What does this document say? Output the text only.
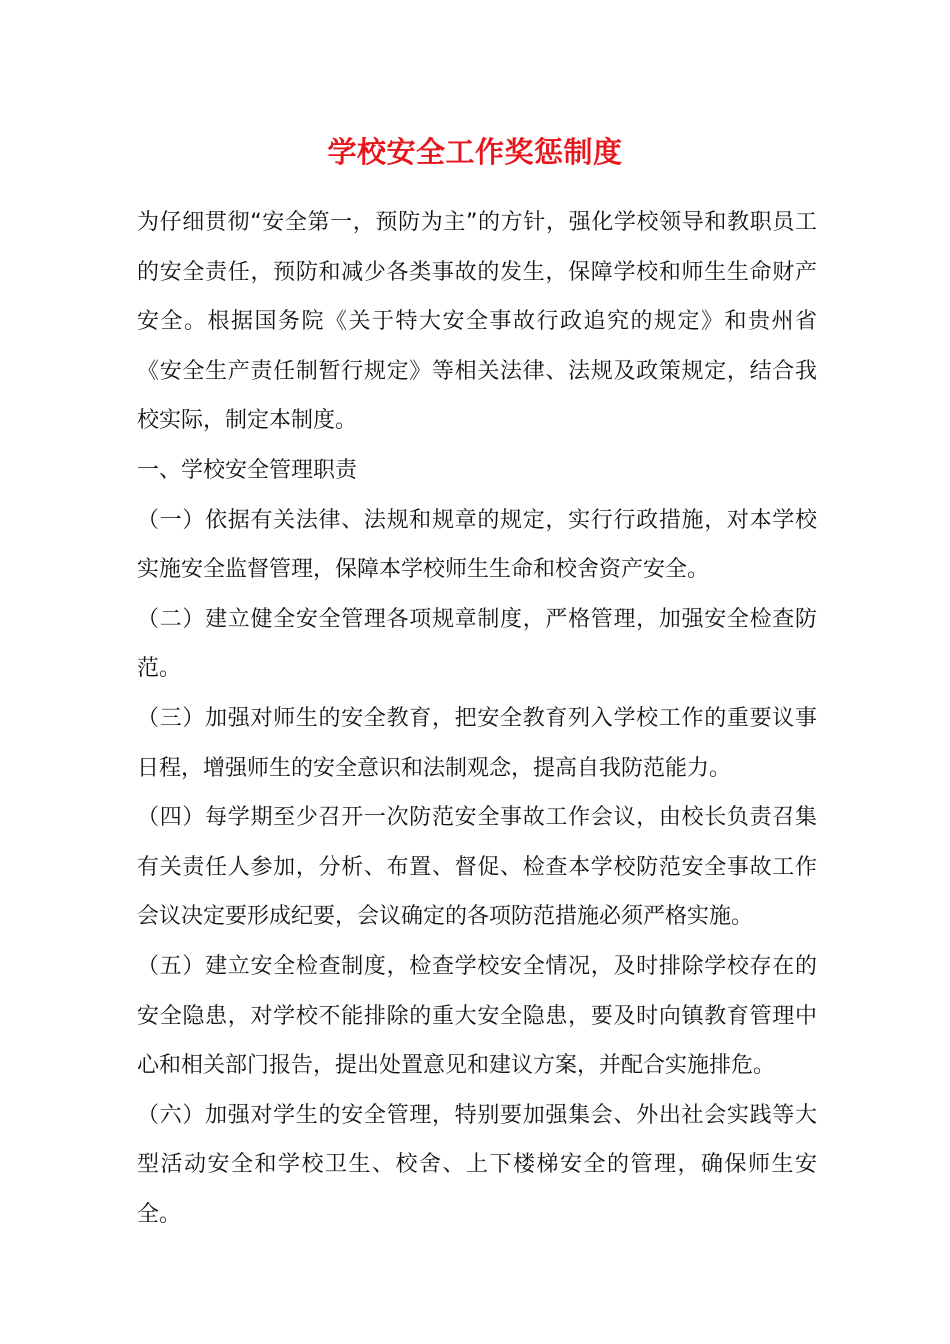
学校安全工作奖惩制度

为仔细贯彻“安全第一，预防为主”的方针，强化学校领导和教职员工的安全责任，预防和减少各类事故的发生，保障学校和师生生命财产安全。根据国务院《关于特大安全事故行政追究的规定》和贵州省《安全生产责任制暂行规定》等相关法律、法规及政策规定，结合我校实际，制定本制度。

一、学校安全管理职责

（一）依据有关法律、法规和规章的规定，实行行政措施，对本学校实施安全监督管理，保障本学校师生生命和校舍资产安全。

（二）建立健全安全管理各项规章制度，严格管理，加强安全检查防范。

（三）加强对师生的安全教育，把安全教育列入学校工作的重要议事日程，增强师生的安全意识和法制观念，提高自我防范能力。

（四）每学期至少召开一次防范安全事故工作会议，由校长负责召集有关责任人参加，分析、布置、督促、检查本学校防范安全事故工作会议决定要形成纪要，会议确定的各项防范措施必须严格实施。

（五）建立安全检查制度，检查学校安全情况，及时排除学校存在的安全隐患，对学校不能排除的重大安全隐患，要及时向镇教育管理中心和相关部门报告，提出处置意见和建议方案，并配合实施排危。

（六）加强对学生的安全管理，特别要加强集会、外出社会实践等大型活动安全和学校卫生、校舍、上下楼梯安全的管理，确保师生安全。
